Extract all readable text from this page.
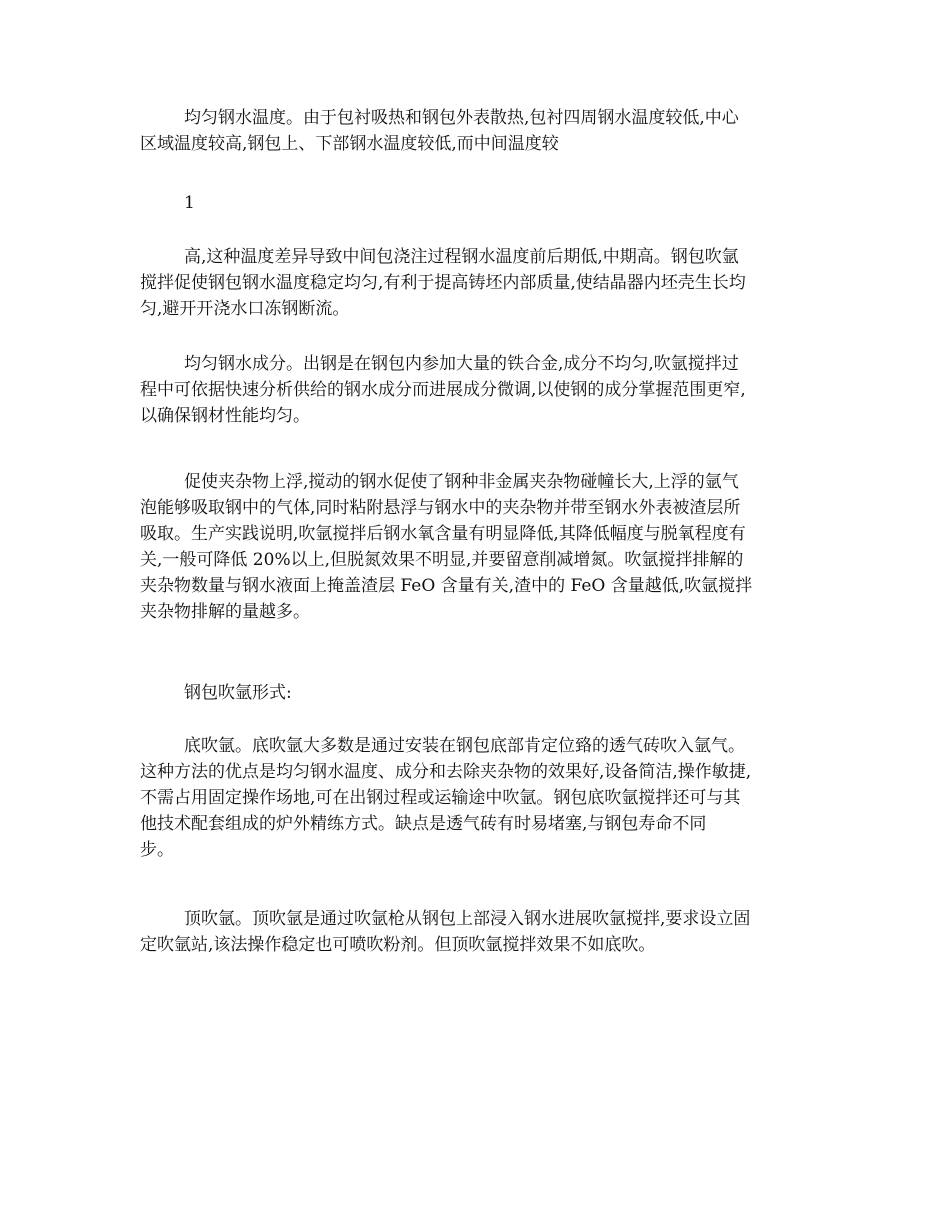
均匀钢水温度。由于包衬吸热和钢包外表散热,包衬四周钢水温度较低,中心
区域温度较高,钢包上、下部钢水温度较低,而中间温度较
1
高,这种温度差异导致中间包浇注过程钢水温度前后期低,中期高。钢包吹氩
搅拌促使钢包钢水温度稳定均匀,有利于提高铸坯内部质量,使结晶器内坯壳生长均
匀,避开开浇水口冻钢断流。
均匀钢水成分。出钢是在钢包内参加大量的铁合金,成分不均匀,吹氩搅拌过
程中可依据快速分析供给的钢水成分而进展成分微调,以使钢的成分掌握范围更窄,
以确保钢材性能均匀。
促使夹杂物上浮,搅动的钢水促使了钢种非金属夹杂物碰幢长大,上浮的氩气
泡能够吸取钢中的气体,同时粘附悬浮与钢水中的夹杂物并带至钢水外表被渣层所
吸取。生产实践说明,吹氩搅拌后钢水氧含量有明显降低,其降低幅度与脱氧程度有
关,一般可降低 20%以上,但脱氮效果不明显,并要留意削减增氮。吹氩搅拌排解的
夹杂物数量与钢水液面上掩盖渣层 FeO 含量有关,渣中的 FeO 含量越低,吹氩搅拌
夹杂物排解的量越多。
钢包吹氩形式:
底吹氩。底吹氩大多数是通过安装在钢包底部肯定位臵的透气砖吹入氩气。
这种方法的优点是均匀钢水温度、成分和去除夹杂物的效果好,设备简洁,操作敏捷,
不需占用固定操作场地,可在出钢过程或运输途中吹氩。钢包底吹氩搅拌还可与其
他技术配套组成的炉外精练方式。缺点是透气砖有时易堵塞,与钢包寿命不同
步。
顶吹氩。顶吹氩是通过吹氩枪从钢包上部浸入钢水进展吹氩搅拌,要求设立固
定吹氩站,该法操作稳定也可喷吹粉剂。但顶吹氩搅拌效果不如底吹。
